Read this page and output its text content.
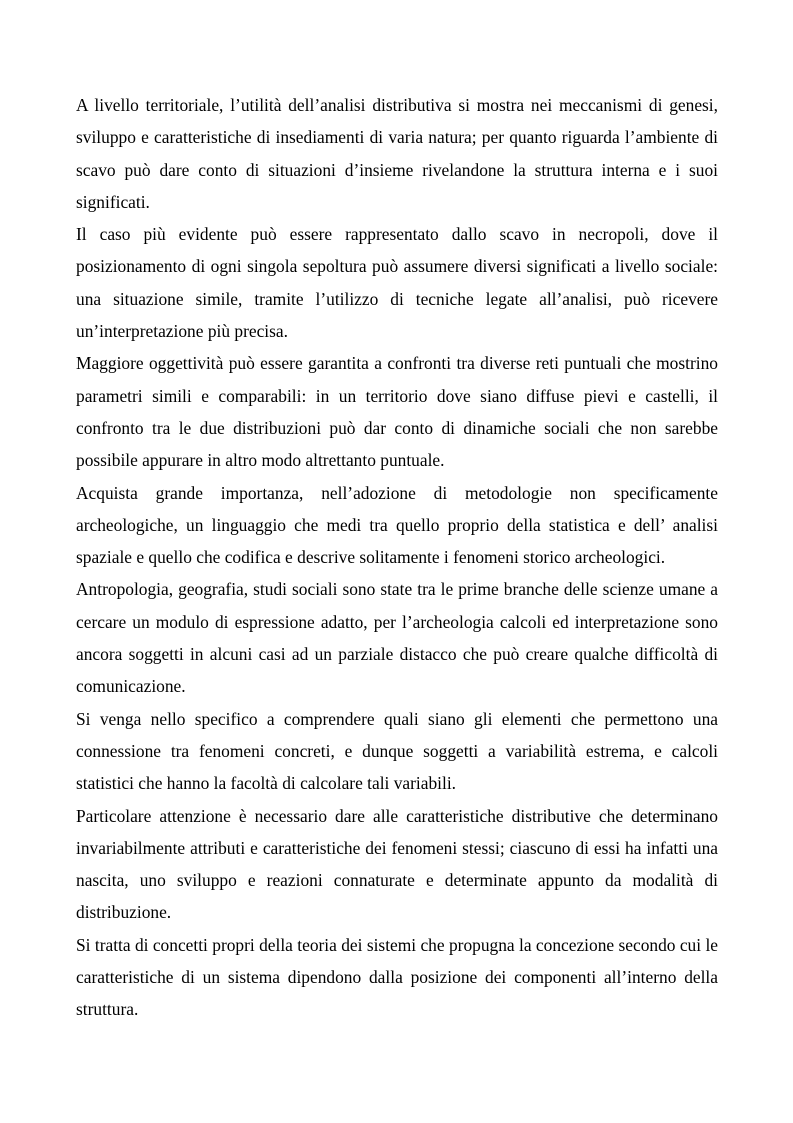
A livello territoriale, l’utilità dell’analisi distributiva si mostra nei meccanismi di genesi, sviluppo e caratteristiche di insediamenti di varia natura; per quanto riguarda l’ambiente di scavo può dare conto di situazioni d’insieme rivelandone la struttura interna e i suoi significati.

Il caso più evidente può essere rappresentato dallo scavo in necropoli, dove il posizionamento di ogni singola sepoltura può assumere diversi significati a livello sociale: una situazione simile, tramite l’utilizzo di tecniche legate all’analisi, può ricevere un’interpretazione più precisa.

Maggiore oggettività può essere garantita a confronti tra diverse reti puntuali che mostrino parametri simili e comparabili: in un territorio dove siano diffuse pievi e castelli, il confronto tra le due distribuzioni può dar conto di dinamiche sociali che non sarebbe possibile appurare in altro modo altrettanto puntuale.

Acquista grande importanza, nell’adozione di metodologie non specificamente archeologiche, un linguaggio che medi tra quello proprio della statistica e dell’ analisi spaziale e quello che codifica e descrive solitamente i fenomeni storico archeologici.

Antropologia, geografia, studi sociali sono state tra le prime branche delle scienze umane a cercare un modulo di espressione adatto, per l’archeologia calcoli ed interpretazione sono ancora soggetti in alcuni casi ad un parziale distacco che può creare qualche difficoltà di comunicazione.

Si venga nello specifico a comprendere quali siano gli elementi che permettono una connessione tra fenomeni concreti, e dunque soggetti a variabilità estrema, e calcoli statistici che hanno la facoltà di calcolare tali variabili.

Particolare attenzione è necessario dare alle caratteristiche distributive che determinano invariabilmente attributi e caratteristiche dei fenomeni stessi; ciascuno di essi ha infatti una nascita, uno sviluppo e reazioni connaturate e determinate appunto da modalità di distribuzione.

Si tratta di concetti propri della teoria dei sistemi che propugna la concezione secondo cui le caratteristiche di un sistema dipendono dalla posizione dei componenti all’interno della struttura.
